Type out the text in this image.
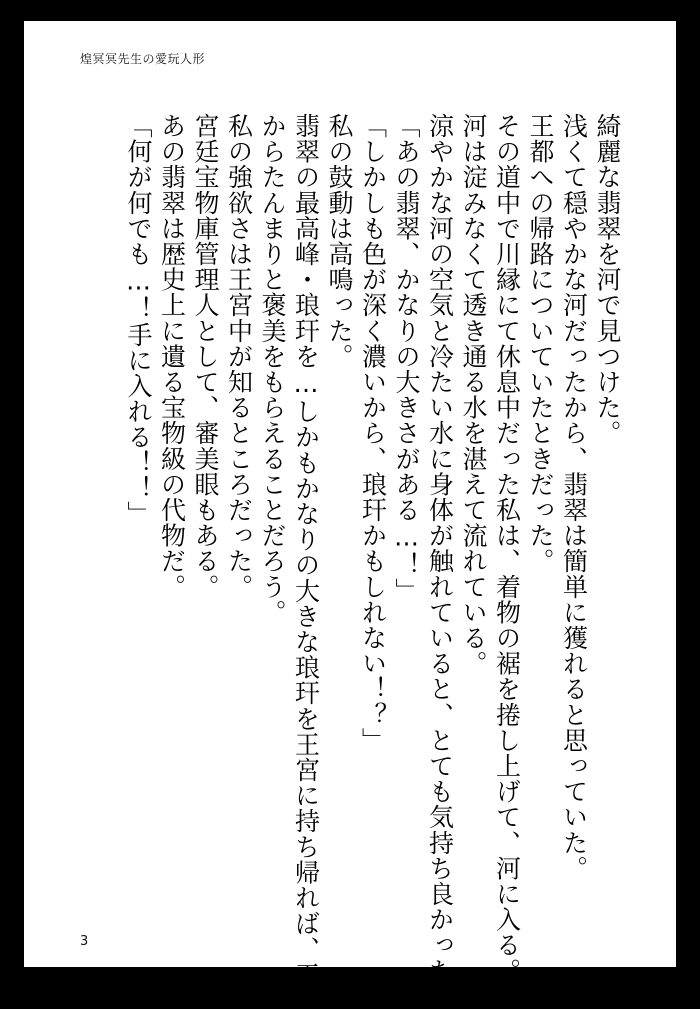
煌冥冥先生の愛玩人形
綺麗な翡翠を河で見つけた。
浅くて穏やかな河だったから、翡翠は簡単に獲れると思っていた。
王都への帰路についていたときだった。
その道中で川縁にて休息中だった私は、着物の裾を捲し上げて、河に入る。
河は淀みなくて透き通る水を湛えて流れている。
涼やかな河の空気と冷たい水に身体が触れていると、とても気持ち良かった。
「あの翡翠、かなりの大きさがある…！」
「しかしも色が深く濃いから、琅玕かもしれない！？」
私の鼓動は高鳴った。
翡翠の最高峰・琅玕を…しかもかなりの大きな琅玕を王宮に持ち帰れば、王
からたんまりと褒美をもらえることだろう。
私の強欲さは王宮中が知るところだった。
宮廷宝物庫管理人として、審美眼もある。
あの翡翠は歴史上に遺る宝物級の代物だ。
「何が何でも…！手に入れる！！」
3
